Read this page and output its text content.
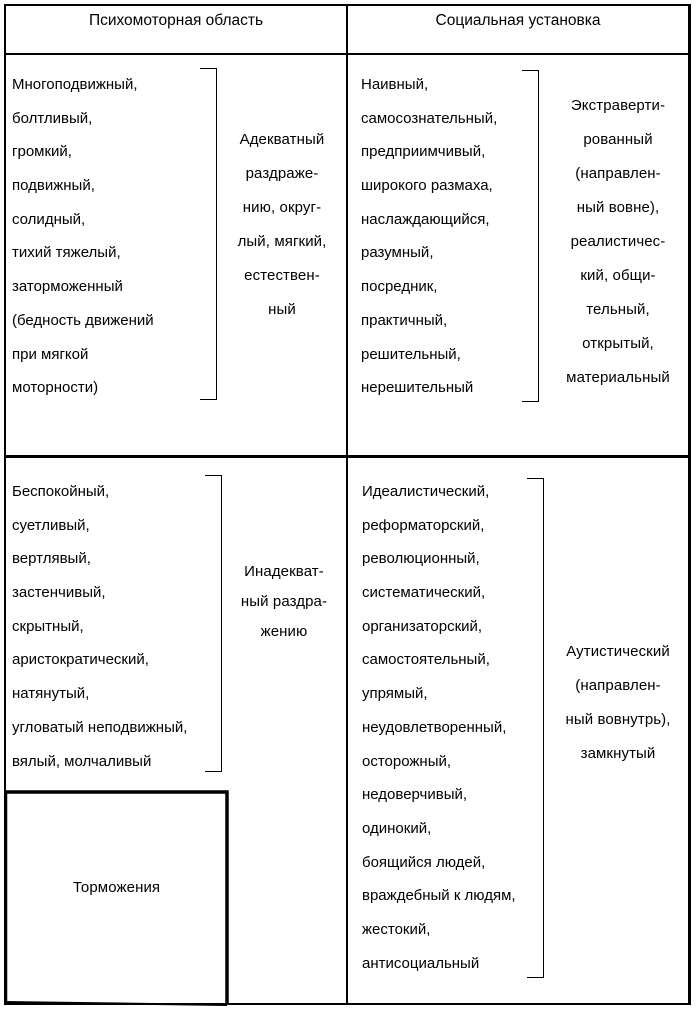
Психомоторная область	Социальная установка
Многоподвижный,
болтливый,
громкий,
подвижный,
солидный,
тихий тяжелый,
заторможенный
(бедность движений
при мягкой
моторности)
Адекватный
раздраже-
нию, округ-
лый, мягкий,
естествен-
ный
Наивный,
самосознательный,
предприимчивый,
широкого размаха,
наслаждающийся,
разумный,
посредник,
практичный,
решительный,
нерешительный
Экстраверти-
рованный
(направлен-
ный вовне),
реалистичес-
кий, общи-
тельный,
открытый,
материальный
Беспокойный,
суетливый,
вертлявый,
застенчивый,
скрытный,
аристократический,
натянутый,
угловатый неподвижный,
вялый, молчаливый
Инадекват-
ный раздра-
жению
Торможения
Идеалистический,
реформаторский,
революционный,
систематический,
организаторский,
самостоятельный,
упрямый,
неудовлетворенный,
осторожный,
недоверчивый,
одинокий,
боящийся людей,
враждебный к людям,
жестокий,
антисоциальный
Аутистический
(направлен-
ный вовнутрь),
замкнутый
